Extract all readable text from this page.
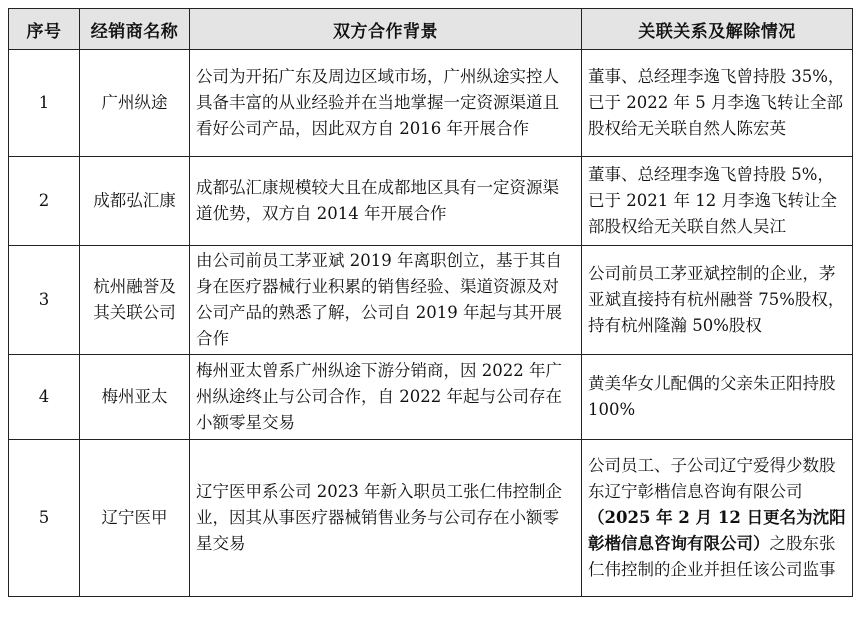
序号	经销商名称	双方合作背景	关联关系及解除情况
1	广州纵途	公司为开拓广东及周边区域市场，广州纵途实控人具备丰富的从业经验并在当地掌握一定资源渠道且看好公司产品，因此双方自 2016 年开展合作	董事、总经理李逸飞曾持股 35%，已于 2022 年 5 月李逸飞转让全部股权给无关联自然人陈宏英
2	成都弘汇康	成都弘汇康规模较大且在成都地区具有一定资源渠道优势，双方自 2014 年开展合作	董事、总经理李逸飞曾持股 5%，已于 2021 年 12 月李逸飞转让全部股权给无关联自然人吴江
3	杭州融誉及其关联公司	由公司前员工茅亚斌 2019 年离职创立，基于其自身在医疗器械行业积累的销售经验、渠道资源及对公司产品的熟悉了解，公司自 2019 年起与其开展合作	公司前员工茅亚斌控制的企业，茅亚斌直接持有杭州融誉 75%股权，持有杭州隆瀚 50%股权
4	梅州亚太	梅州亚太曾系广州纵途下游分销商，因 2022 年广州纵途终止与公司合作，自 2022 年起与公司存在小额零星交易	黄美华女儿配偶的父亲朱正阳持股 100%
5	辽宁医甲	辽宁医甲系公司 2023 年新入职员工张仁伟控制企业，因其从事医疗器械销售业务与公司存在小额零星交易	公司员工、子公司辽宁爱得少数股东辽宁彰楷信息咨询有限公司（2025 年 2 月 12 日更名为沈阳彰楷信息咨询有限公司）之股东张仁伟控制的企业并担任该公司监事
